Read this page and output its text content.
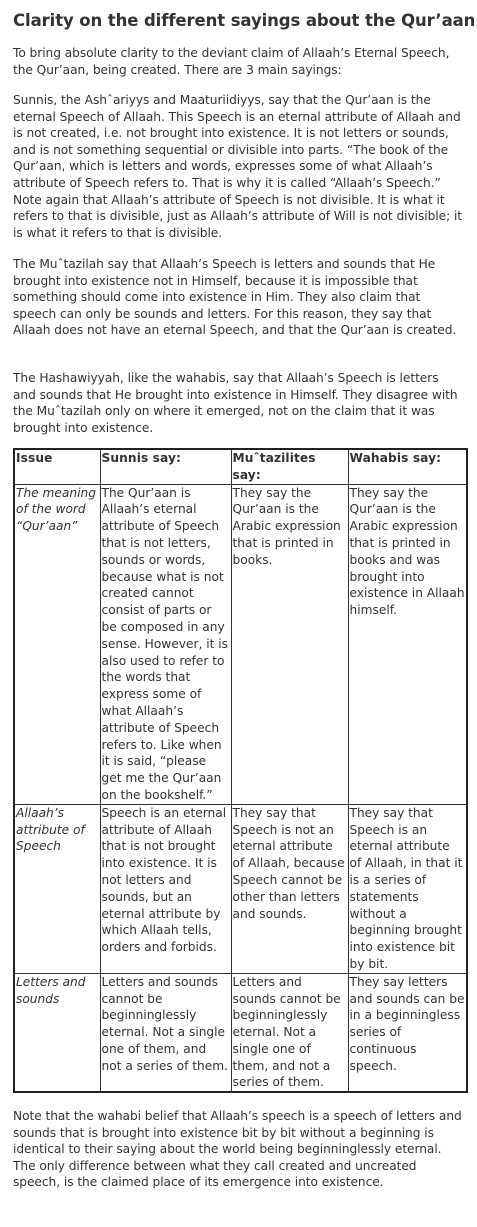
Clarity on the different sayings about the Qur’aan

To bring absolute clarity to the deviant claim of Allaah’s Eternal Speech, the Qur’aan, being created. There are 3 main sayings:

Sunnis, the Ashˆariyys and Maaturiidiyys, say that the Qur’aan is the eternal Speech of Allaah. This Speech is an eternal attribute of Allaah and is not created, i.e. not brought into existence. It is not letters or sounds, and is not something sequential or divisible into parts. “The book of the Qur’aan, which is letters and words, expresses some of what Allaah’s attribute of Speech refers to. That is why it is called “Allaah’s Speech.” Note again that Allaah’s attribute of Speech is not divisible. It is what it refers to that is divisible, just as Allaah’s attribute of Will is not divisible; it is what it refers to that is divisible.

The Muˆtazilah say that Allaah’s Speech is letters and sounds that He brought into existence not in Himself, because it is impossible that something should come into existence in Him. They also claim that speech can only be sounds and letters. For this reason, they say that Allaah does not have an eternal Speech, and that the Qur’aan is created.

The Hashawiyyah, like the wahabis, say that Allaah’s Speech is letters and sounds that He brought into existence in Himself. They disagree with the Muˆtazilah only on where it emerged, not on the claim that it was brought into existence.

Issue	Sunnis say:	Muˆtazilites say:	Wahabis say:
The meaning of the word “Qur’aan”	The Qur’aan is Allaah’s eternal attribute of Speech that is not letters, sounds or words, because what is not created cannot consist of parts or be composed in any sense. However, it is also used to refer to the words that express some of what Allaah’s attribute of Speech refers to. Like when it is said, “please get me the Qur’aan on the bookshelf.”	They say the Qur’aan is the Arabic expression that is printed in books.	They say the Qur’aan is the Arabic expression that is printed in books and was brought into existence in Allaah himself.
Allaah’s attribute of Speech	Speech is an eternal attribute of Allaah that is not brought into existence. It is not letters and sounds, but an eternal attribute by which Allaah tells, orders and forbids.	They say that Speech is not an eternal attribute of Allaah, because Speech cannot be other than letters and sounds.	They say that Speech is an eternal attribute of Allaah, in that it is a series of statements without a beginning brought into existence bit by bit.
Letters and sounds	Letters and sounds cannot be beginninglessly eternal. Not a single one of them, and not a series of them.	Letters and sounds cannot be beginninglessly eternal. Not a single one of them, and not a series of them.	They say letters and sounds can be in a beginningless series of continuous speech.

Note that the wahabi belief that Allaah’s speech is a speech of letters and sounds that is brought into existence bit by bit without a beginning is identical to their saying about the world being beginninglessly eternal. The only difference between what they call created and uncreated speech, is the claimed place of its emergence into existence.
